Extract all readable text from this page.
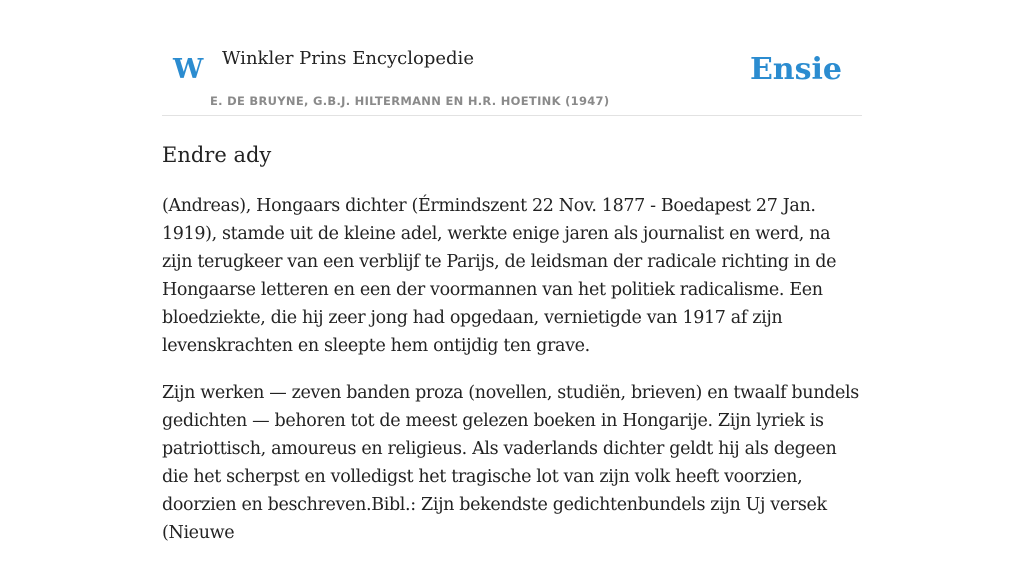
W Winkler Prins Encyclopedie
E. DE BRUYNE, G.B.J. HILTERMANN EN H.R. HOETINK (1947)
Ensie
Endre ady

(Andreas), Hongaars dichter (Érmindszent 22 Nov. 1877 - Boedapest 27 Jan. 1919), stamde uit de kleine adel, werkte enige jaren als journalist en werd, na zijn terugkeer van een verblijf te Parijs, de leidsman der radicale richting in de Hongaarse letteren en een der voormannen van het politiek radicalisme. Een bloedziekte, die hij zeer jong had opgedaan, vernietigde van 1917 af zijn levenskrachten en sleepte hem ontijdig ten grave.

Zijn werken — zeven banden proza (novellen, studiën, brieven) en twaalf bundels gedichten — behoren tot de meest gelezen boeken in Hongarije. Zijn lyriek is patriottisch, amoureus en religieus. Als vaderlands dichter geldt hij als degeen die het scherpst en volledigst het tragische lot van zijn volk heeft voorzien, doorzien en beschreven.Bibl.: Zijn bekendste gedichtenbundels zijn Uj versek (Nieuwe
